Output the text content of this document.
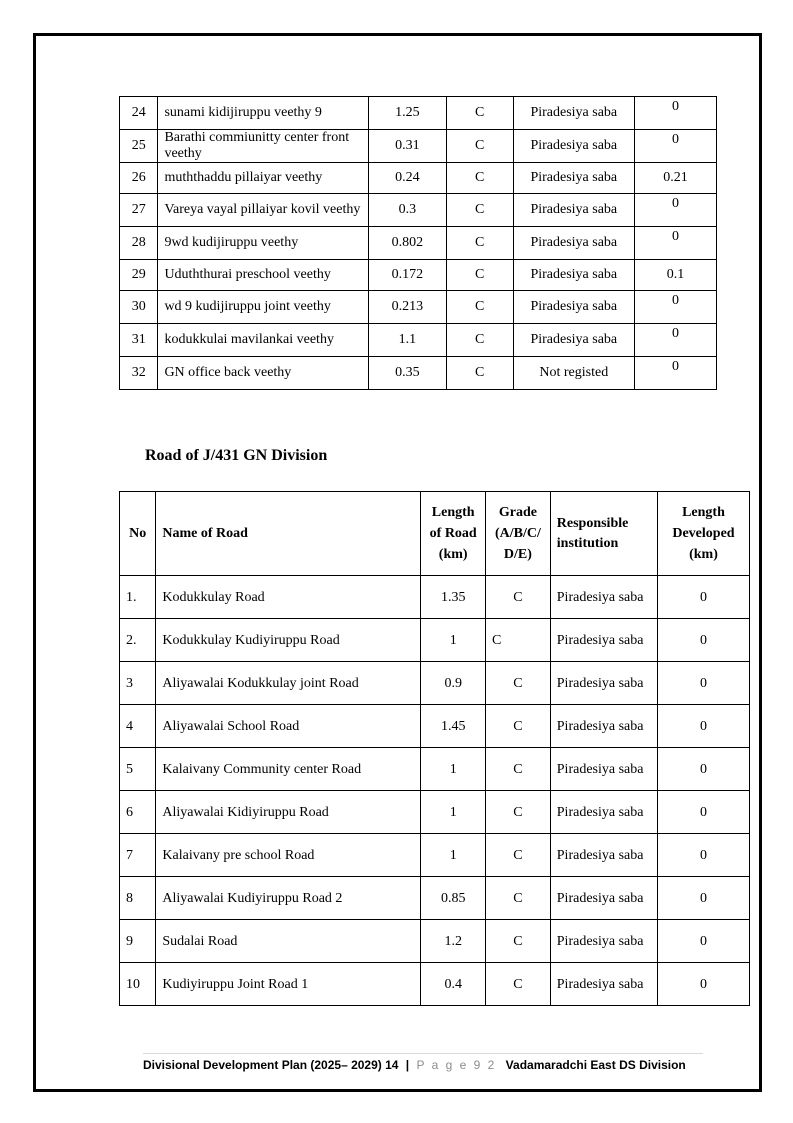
24	sunami kidijiruppu veethy 9	1.25	C	Piradesiya saba	0
25	Barathi commiunitty center front veethy	0.31	C	Piradesiya saba	0
26	muththaddu pillaiyar veethy	0.24	C	Piradesiya saba	0.21
27	Vareya vayal pillaiyar kovil veethy	0.3	C	Piradesiya saba	0
28	9wd kudijiruppu veethy	0.802	C	Piradesiya saba	0
29	Uduththurai preschool veethy	0.172	C	Piradesiya saba	0.1
30	wd 9 kudijiruppu joint veethy	0.213	C	Piradesiya saba	0
31	kodukkulai mavilankai veethy	1.1	C	Piradesiya saba	0
32	GN office back veethy	0.35	C	Not registed	0
Road of J/431 GN Division
No	Name of Road	Length of Road (km)	Grade (A/B/C/ D/E)	Responsible institution	Length Developed (km)
1.	Kodukkulay Road	1.35	C	Piradesiya saba	0
2.	Kodukkulay Kudiyiruppu Road	1	C	Piradesiya saba	0
3	Aliyawalai Kodukkulay joint Road	0.9	C	Piradesiya saba	0
4	Aliyawalai School Road	1.45	C	Piradesiya saba	0
5	Kalaivany Community center Road	1	C	Piradesiya saba	0
6	Aliyawalai Kidiyiruppu Road	1	C	Piradesiya saba	0
7	Kalaivany pre school Road	1	C	Piradesiya saba	0
8	Aliyawalai Kudiyiruppu Road 2	0.85	C	Piradesiya saba	0
9	Sudalai Road	1.2	C	Piradesiya saba	0
10	Kudiyiruppu Joint Road 1	0.4	C	Piradesiya saba	0
Divisional Development Plan (2025– 2029) 14 | P a g e 9 2 Vadamaradchi East DS Division
